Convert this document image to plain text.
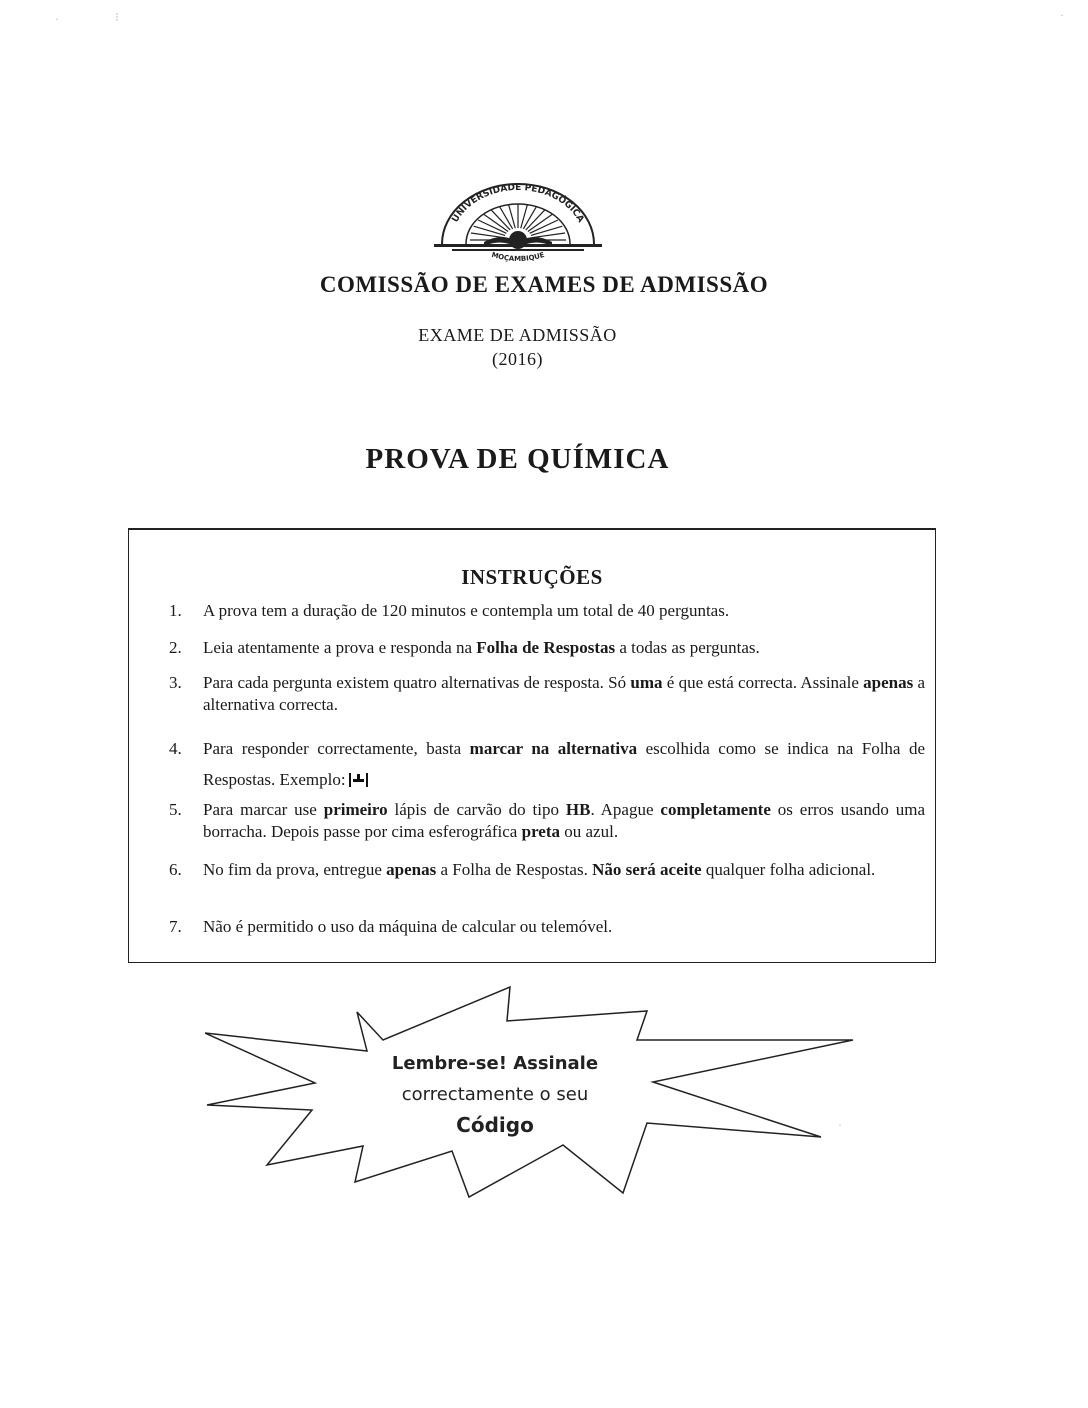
·	⁝	·
·
UNIVERSIDADE PEDAGÓGICA
MOÇAMBIQUE
COMISSÃO DE EXAMES DE ADMISSÃO
EXAME DE ADMISSÃO
(2016)
PROVA DE QUÍMICA
INSTRUÇÕES
1. A prova tem a duração de 120 minutos e contempla um total de 40 perguntas.
2. Leia atentamente a prova e responda na Folha de Respostas a todas as perguntas.
3. Para cada pergunta existem quatro alternativas de resposta. Só uma é que está correcta. Assinale apenas a alternativa correcta.
4. Para responder correctamente, basta marcar na alternativa escolhida como se indica na Folha de Respostas. Exemplo:
5. Para marcar use primeiro lápis de carvão do tipo HB. Apague completamente os erros usando uma borracha. Depois passe por cima esferográfica preta ou azul.
6. No fim da prova, entregue apenas a Folha de Respostas. Não será aceite qualquer folha adicional.
7. Não é permitido o uso da máquina de calcular ou telemóvel.
Lembre-se! Assinale
correctamente o seu
Código
